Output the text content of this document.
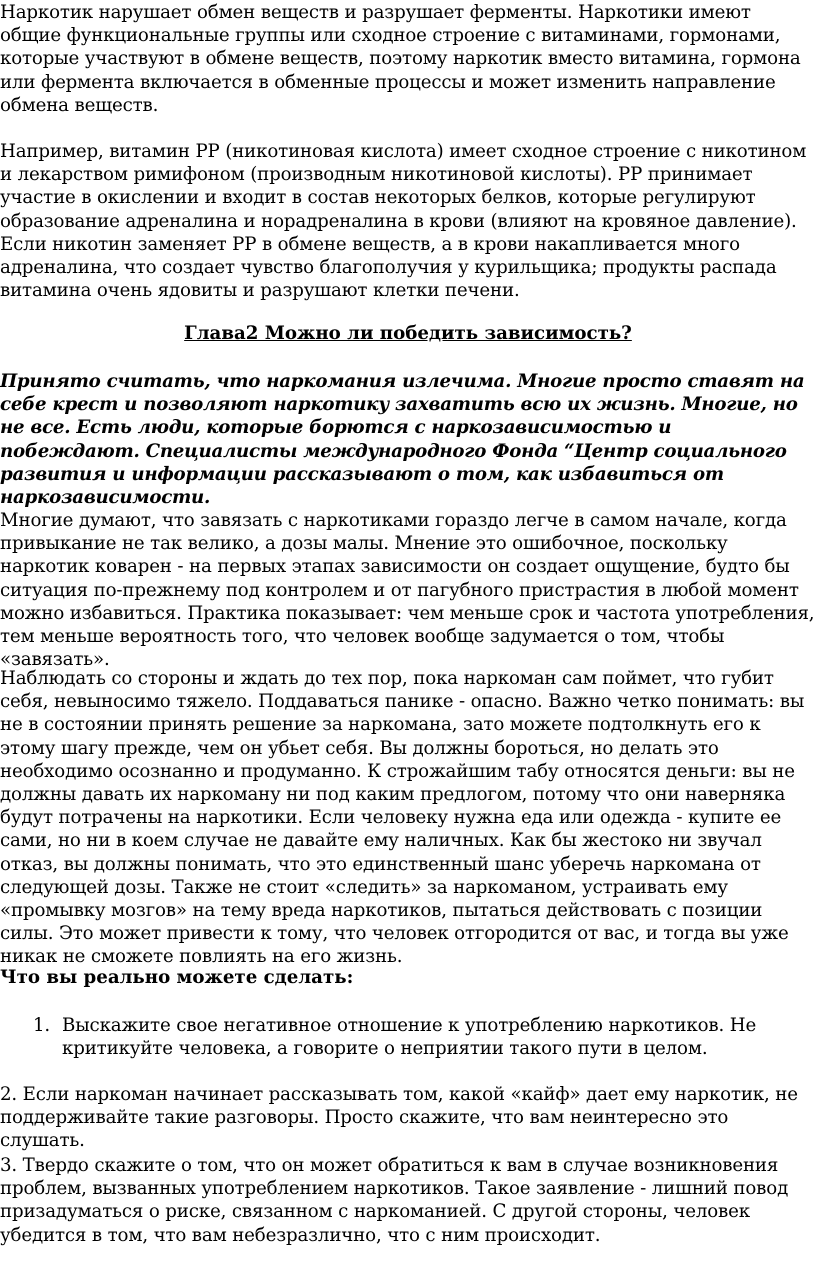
Наркотик нарушает обмен веществ и разрушает ферменты. Наркотики имеют общие функциональные группы или сходное строение с витаминами, гормонами, которые участвуют в обмене веществ, поэтому наркотик вместо витамина, гормона или фермента включается в обменные процессы и может изменить направление обмена веществ.

Например, витамин РР (никотиновая кислота) имеет сходное строение с никотином и лекарством римифоном (производным никотиновой кислоты). РР принимает участие в окислении и входит в состав некоторых белков, которые регулируют образование адреналина и норадреналина в крови (влияют на кровяное давление). Если никотин заменяет РР в обмене веществ, а в крови накапливается много адреналина, что создает чувство благополучия у курильщика; продукты распада витамина очень ядовиты и разрушают клетки печени.

Глава2 Можно ли победить зависимость?

Принято считать, что наркомания излечима. Многие просто ставят на себе крест и позволяют наркотику захватить всю их жизнь. Многие, но не все. Есть люди, которые борются с наркозависимостью и побеждают. Специалисты международного Фонда “Центр социального развития и информации рассказывают о том, как избавиться от наркозависимости.

Многие думают, что завязать с наркотиками гораздо легче в самом начале, когда привыкание не так велико, а дозы малы. Мнение это ошибочное, поскольку наркотик коварен - на первых этапах зависимости он создает ощущение, будто бы ситуация по-прежнему под контролем и от пагубного пристрастия в любой момент можно избавиться. Практика показывает: чем меньше срок и частота употребления, тем меньше вероятность того, что человек вообще задумается о том, чтобы «завязать».

Наблюдать со стороны и ждать до тех пор, пока наркоман сам поймет, что губит себя, невыносимо тяжело. Поддаваться панике - опасно. Важно четко понимать: вы не в состоянии принять решение за наркомана, зато можете подтолкнуть его к этому шагу прежде, чем он убьет себя. Вы должны бороться, но делать это необходимо осознанно и продуманно. К строжайшим табу относятся деньги: вы не должны давать их наркоману ни под каким предлогом, потому что они наверняка будут потрачены на наркотики. Если человеку нужна еда или одежда - купите ее сами, но ни в коем случае не давайте ему наличных. Как бы жестоко ни звучал отказ, вы должны понимать, что это единственный шанс уберечь наркомана от следующей дозы. Также не стоит «следить» за наркоманом, устраивать ему «промывку мозгов» на тему вреда наркотиков, пытаться действовать с позиции силы. Это может привести к тому, что человек отгородится от вас, и тогда вы уже никак не сможете повлиять на его жизнь.

Что вы реально можете сделать:
1. Выскажите свое негативное отношение к употреблению наркотиков. Не критикуйте человека, а говорите о неприятии такого пути в целом.

2. Если наркоман начинает рассказывать том, какой «кайф» дает ему наркотик, не поддерживайте такие разговоры. Просто скажите, что вам неинтересно это слушать.

3. Твердо скажите о том, что он может обратиться к вам в случае возникновения проблем, вызванных употреблением наркотиков. Такое заявление - лишний повод призадуматься о риске, связанном с наркоманией. С другой стороны, человек убедится в том, что вам небезразлично, что с ним происходит.
